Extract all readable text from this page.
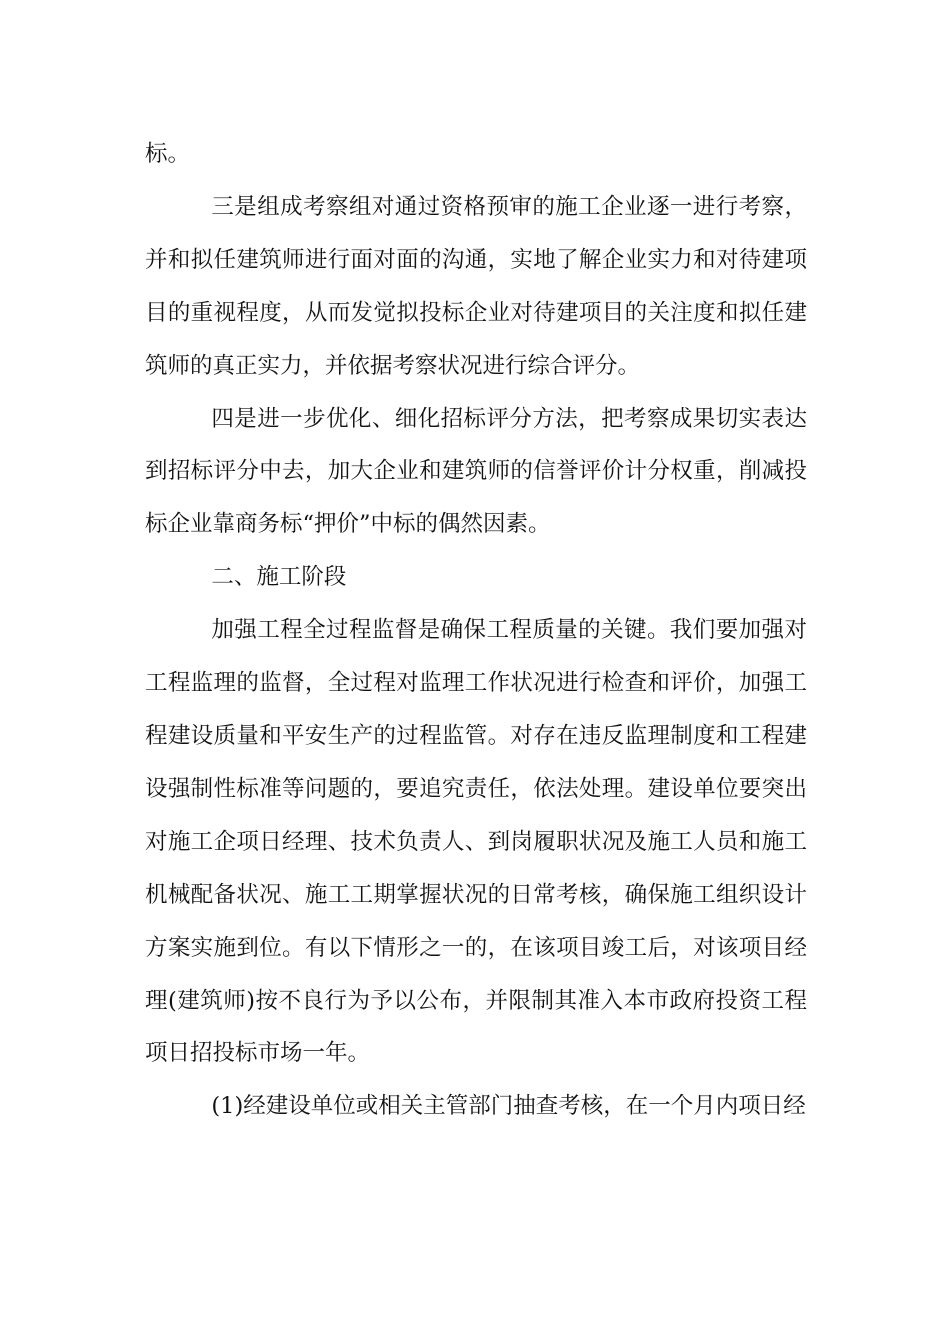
标。

三是组成考察组对通过资格预审的施工企业逐一进行考察，并和拟任建筑师进行面对面的沟通，实地了解企业实力和对待建项目的重视程度，从而发觉拟投标企业对待建项目的关注度和拟任建筑师的真正实力，并依据考察状况进行综合评分。

四是进一步优化、细化招标评分方法，把考察成果切实表达到招标评分中去，加大企业和建筑师的信誉评价计分权重，削减投标企业靠商务标“押价”中标的偶然因素。

二、施工阶段

加强工程全过程监督是确保工程质量的关键。我们要加强对工程监理的监督，全过程对监理工作状况进行检查和评价，加强工程建设质量和平安生产的过程监管。对存在违反监理制度和工程建设强制性标准等问题的，要追究责任，依法处理。建设单位要突出对施工企项日经理、技术负责人、到岗履职状况及施工人员和施工机械配备状况、施工工期掌握状况的日常考核，确保施工组织设计方案实施到位。有以下情形之一的，在该项目竣工后，对该项目经理(建筑师)按不良行为予以公布，并限制其准入本市政府投资工程项日招投标市场一年。

(1)经建设单位或相关主管部门抽查考核，在一个月内项日经
